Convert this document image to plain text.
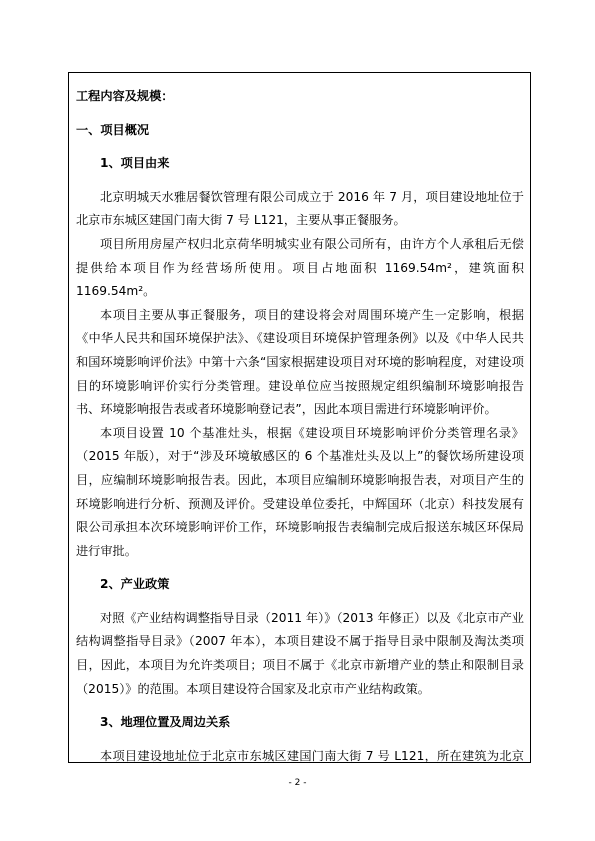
工程内容及规模：
一、项目概况
1、项目由来

北京明城天水雅居餐饮管理有限公司成立于 2016 年 7 月，项目建设地址位于北京市东城区建国门南大街 7 号 L121，主要从事正餐服务。

项目所用房屋产权归北京荷华明城实业有限公司所有，由许方个人承租后无偿提供给本项目作为经营场所使用。项目占地面积 1169.54m²，建筑面积 1169.54m²。

本项目主要从事正餐服务，项目的建设将会对周围环境产生一定影响，根据《中华人民共和国环境保护法》、《建设项目环境保护管理条例》以及《中华人民共和国环境影响评价法》中第十六条“国家根据建设项目对环境的影响程度，对建设项目的环境影响评价实行分类管理。建设单位应当按照规定组织编制环境影响报告书、环境影响报告表或者环境影响登记表”，因此本项目需进行环境影响评价。

本项目设置 10 个基准灶头，根据《建设项目环境影响评价分类管理名录》（2015 年版），对于“涉及环境敏感区的 6 个基准灶头及以上”的餐饮场所建设项目，应编制环境影响报告表。因此，本项目应编制环境影响报告表，对项目产生的环境影响进行分析、预测及评价。受建设单位委托，中辉国环（北京）科技发展有限公司承担本次环境影响评价工作，环境影响报告表编制完成后报送东城区环保局进行审批。

2、产业政策

对照《产业结构调整指导目录（2011 年）》（2013 年修正）以及《北京市产业结构调整指导目录》（2007 年本），本项目建设不属于指导目录中限制及淘汰类项目，因此，本项目为允许类项目；项目不属于《北京市新增产业的禁止和限制目录（2015）》的范围。本项目建设符合国家及北京市产业结构政策。

3、地理位置及周边关系

本项目建设地址位于北京市东城区建国门南大街 7 号 L121，所在建筑为北京

- 2 -
